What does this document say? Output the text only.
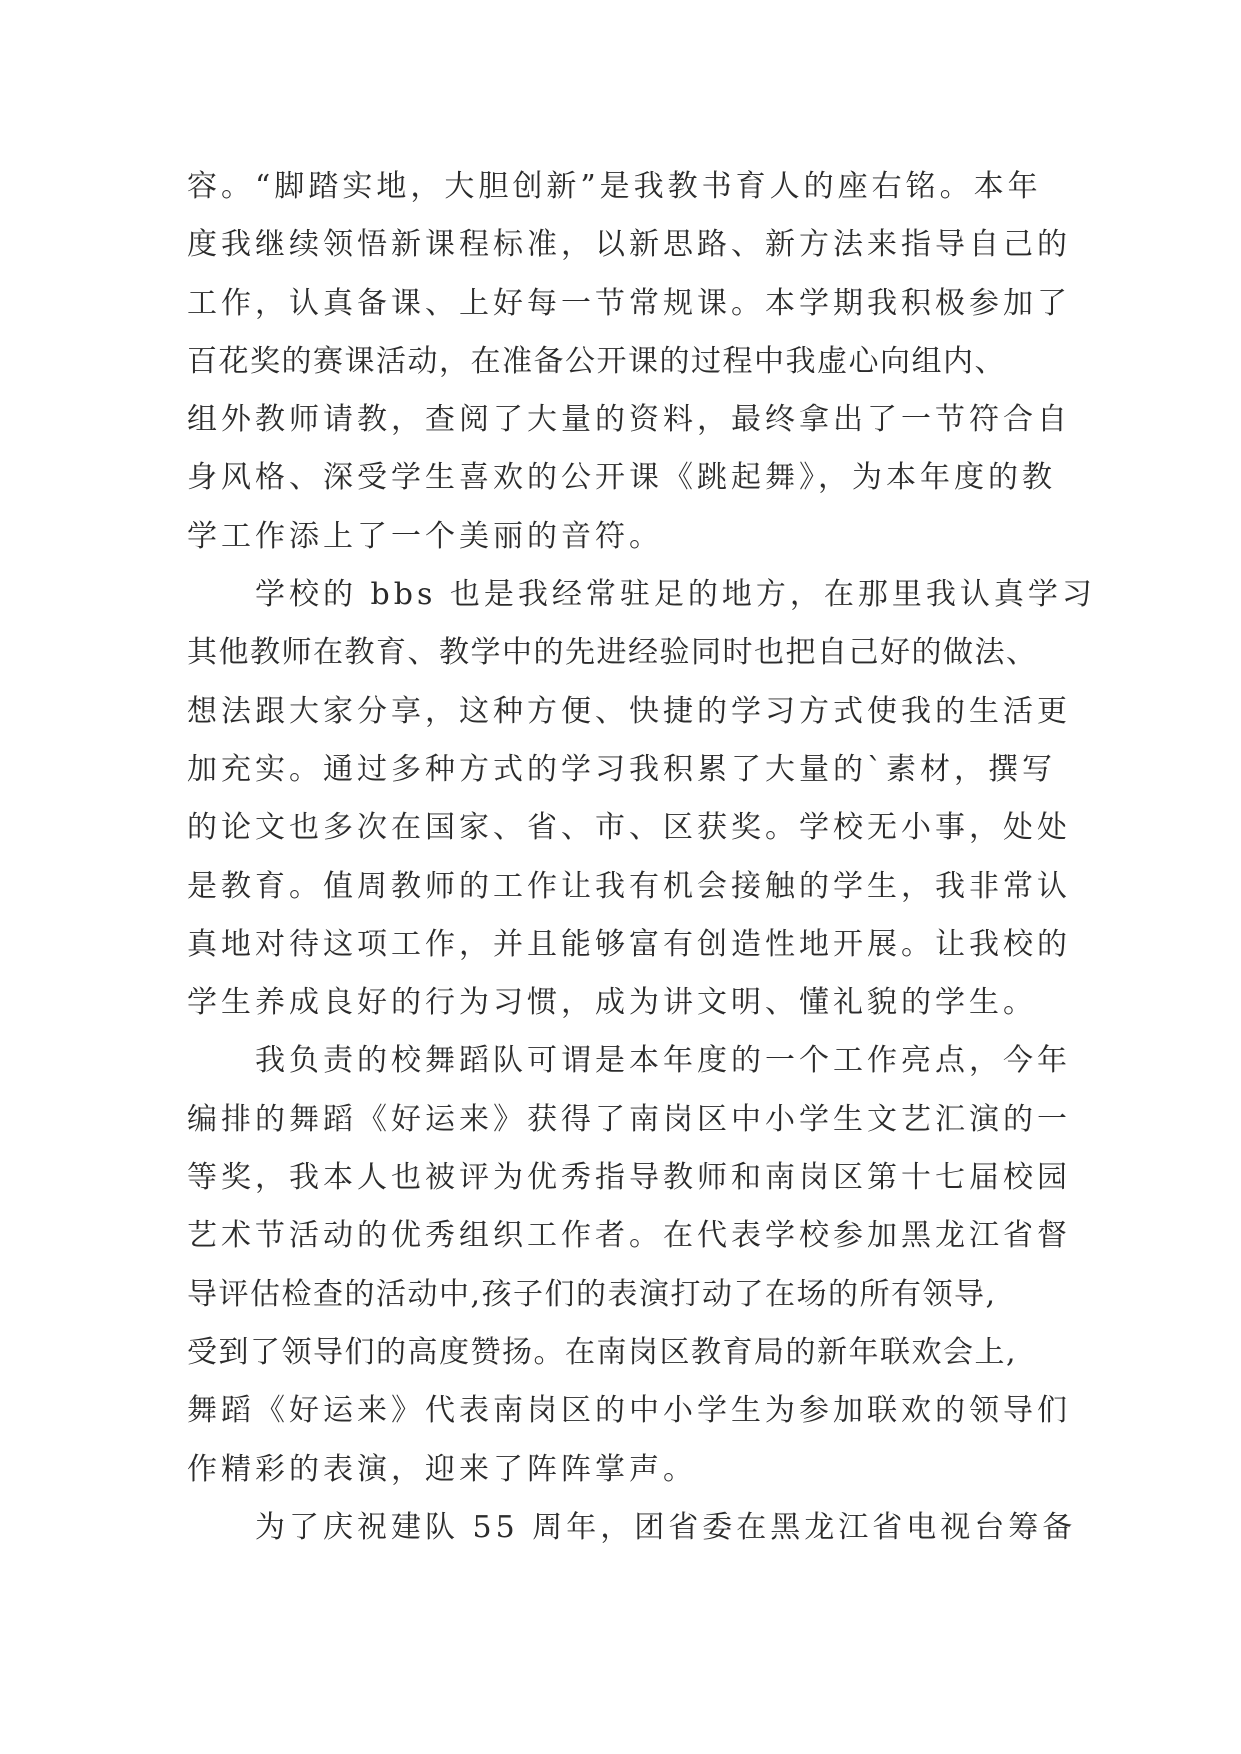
容。“脚踏实地，大胆创新”是我教书育人的座右铭。本年
度我继续领悟新课程标准，以新思路、新方法来指导自己的
工作，认真备课、上好每一节常规课。本学期我积极参加了
百花奖的赛课活动，在准备公开课的过程中我虚心向组内、
组外教师请教，查阅了大量的资料，最终拿出了一节符合自
身风格、深受学生喜欢的公开课《跳起舞》，为本年度的教
学工作添上了一个美丽的音符。
学校的 bbs 也是我经常驻足的地方，在那里我认真学习
其他教师在教育、教学中的先进经验同时也把自己好的做法、
想法跟大家分享，这种方便、快捷的学习方式使我的生活更
加充实。通过多种方式的学习我积累了大量的`素材，撰写
的论文也多次在国家、省、市、区获奖。学校无小事，处处
是教育。值周教师的工作让我有机会接触的学生，我非常认
真地对待这项工作，并且能够富有创造性地开展。让我校的
学生养成良好的行为习惯，成为讲文明、懂礼貌的学生。
我负责的校舞蹈队可谓是本年度的一个工作亮点，今年
编排的舞蹈《好运来》获得了南岗区中小学生文艺汇演的一
等奖，我本人也被评为优秀指导教师和南岗区第十七届校园
艺术节活动的优秀组织工作者。在代表学校参加黑龙江省督
导评估检查的活动中,孩子们的表演打动了在场的所有领导,
受到了领导们的高度赞扬。在南岗区教育局的新年联欢会上,
舞蹈《好运来》代表南岗区的中小学生为参加联欢的领导们
作精彩的表演，迎来了阵阵掌声。
为了庆祝建队 55 周年，团省委在黑龙江省电视台筹备
